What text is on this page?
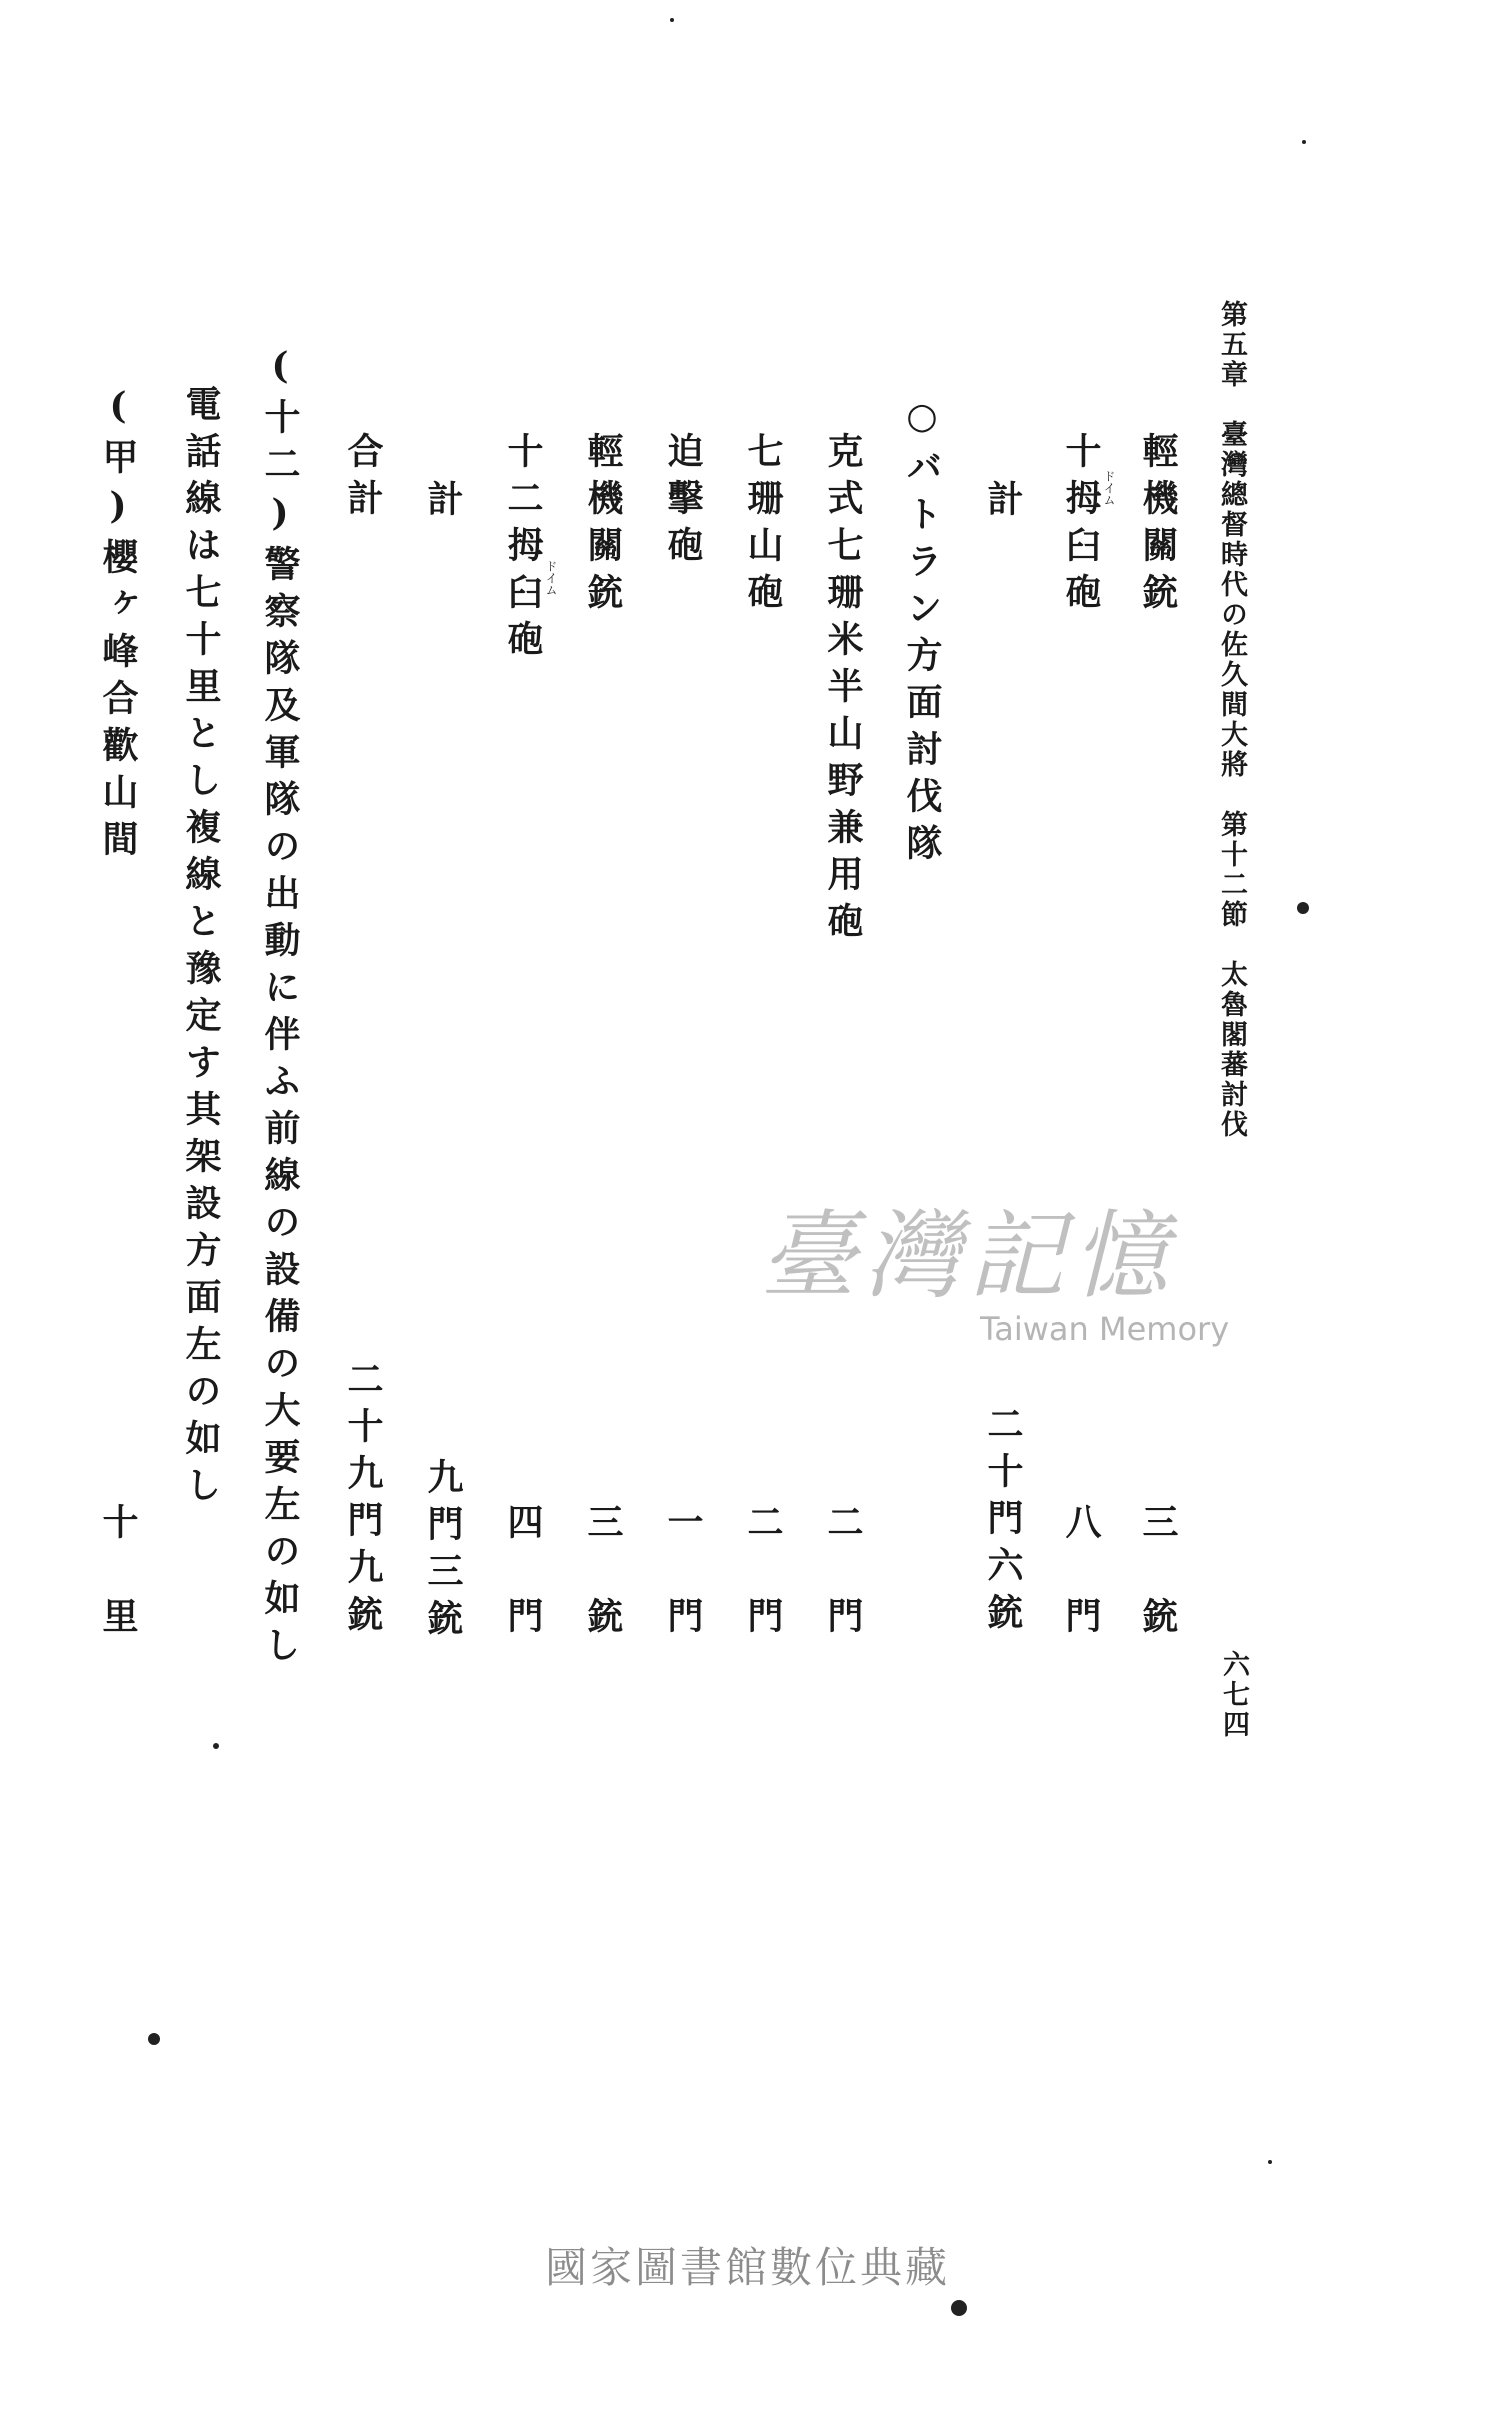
第五章　臺灣總督時代の佐久間大將　第十二節　太魯閣蕃討伐
六七四
輕機關銃
三　銃
十拇臼砲 ドイム
八　門
計
二十門六銃
○バトラン方面討伐隊
克式七珊米半山野兼用砲
二　門
七珊山砲
二　門
迫擊砲
一　門
輕機關銃
三　銃
十二拇臼砲 ドイム
四　門
計
九門三銃
合計
二十九門九銃
(十二)警察隊及軍隊の出動に伴ふ前線の設備の大要左の如し
電話線は七十里とし複線と豫定す其架設方面左の如し
(甲)櫻ヶ峰合歡山間
十　里
臺灣記憶
Taiwan Memory
國家圖書館數位典藏
